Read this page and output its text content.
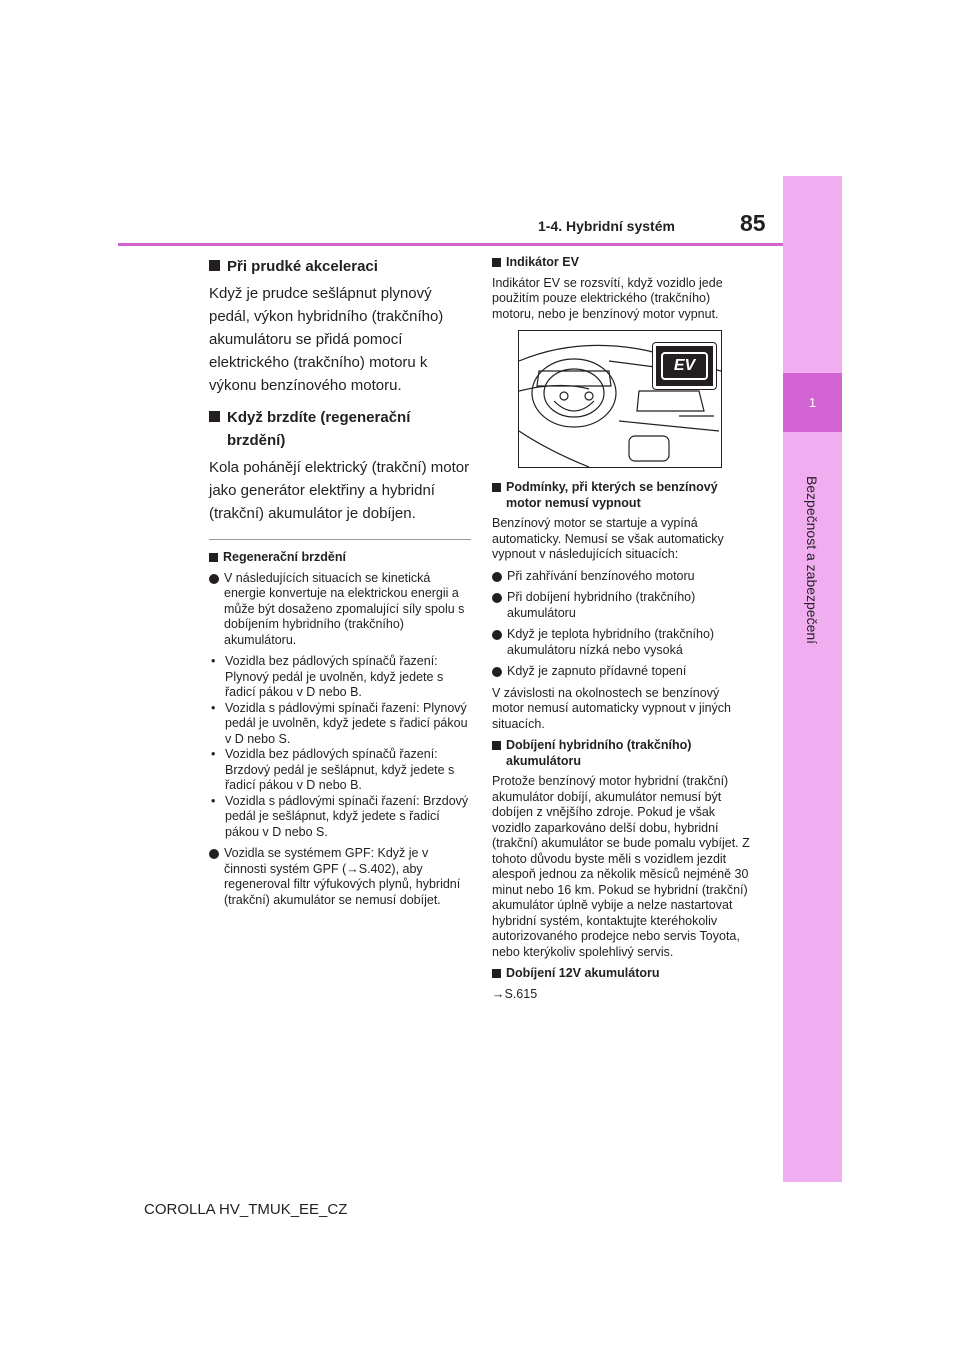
1
Bezpečnost a zabezpečení
1-4. Hybridní systém	85
Při prudké akceleraci

Když je prudce sešlápnut plynový pedál, výkon hybridního (trakčního) akumulátoru se přidá pomocí elektrického (trakčního) motoru k výkonu benzínového motoru.

Když brzdíte (regenerační brzdění)

Kola pohánějí elektrický (trakční) motor jako generátor elektřiny a hybridní (trakční) akumulátor je dobíjen.

Regenerační brzdění
V následujících situacích se kinetická energie konvertuje na elektrickou energii a může být dosaženo zpomalující síly spolu s dobíjením hybridního (trakčního) akumulátoru.
• Vozidla bez pádlových spínačů řazení: Plynový pedál je uvolněn, když jedete s řadicí pákou v D nebo B.
• Vozidla s pádlovými spínači řazení: Plynový pedál je uvolněn, když jedete s řadicí pákou v D nebo S.
• Vozidla bez pádlových spínačů řazení: Brzdový pedál je sešlápnut, když jedete s řadicí pákou v D nebo B.
• Vozidla s pádlovými spínači řazení: Brzdový pedál je sešlápnut, když jedete s řadicí pákou v D nebo S.
Vozidla se systémem GPF: Když je v činnosti systém GPF (→S.402), aby regeneroval filtr výfukových plynů, hybridní (trakční) akumulátor se nemusí dobíjet.
Indikátor EV

Indikátor EV se rozsvítí, když vozidlo jede použitím pouze elektrického (trakčního) motoru, nebo je benzínový motor vypnut.

EV
Podmínky, při kterých se benzínový motor nemusí vypnout

Benzínový motor se startuje a vypíná automaticky. Nemusí se však automaticky vypnout v následujících situacích:

Při zahřívání benzínového motoru
Při dobíjení hybridního (trakčního) akumulátoru
Když je teplota hybridního (trakčního) akumulátoru nízká nebo vysoká
Když je zapnuto přídavné topení

V závislosti na okolnostech se benzínový motor nemusí automaticky vypnout v jiných situacích.

Dobíjení hybridního (trakčního) akumulátoru

Protože benzínový motor hybridní (trakční) akumulátor dobíjí, akumulátor nemusí být dobíjen z vnějšího zdroje. Pokud je však vozidlo zaparkováno delší dobu, hybridní (trakční) akumulátor se bude pomalu vybíjet. Z tohoto důvodu byste měli s vozidlem jezdit alespoň jednou za několik měsíců nejméně 30 minut nebo 16 km. Pokud se hybridní (trakční) akumulátor úplně vybije a nelze nastartovat hybridní systém, kontaktujte kteréhokoliv autorizovaného prodejce nebo servis Toyota, nebo kterýkoliv spolehlivý servis.

Dobíjení 12V akumulátoru

→S.615

COROLLA HV_TMUK_EE_CZ
